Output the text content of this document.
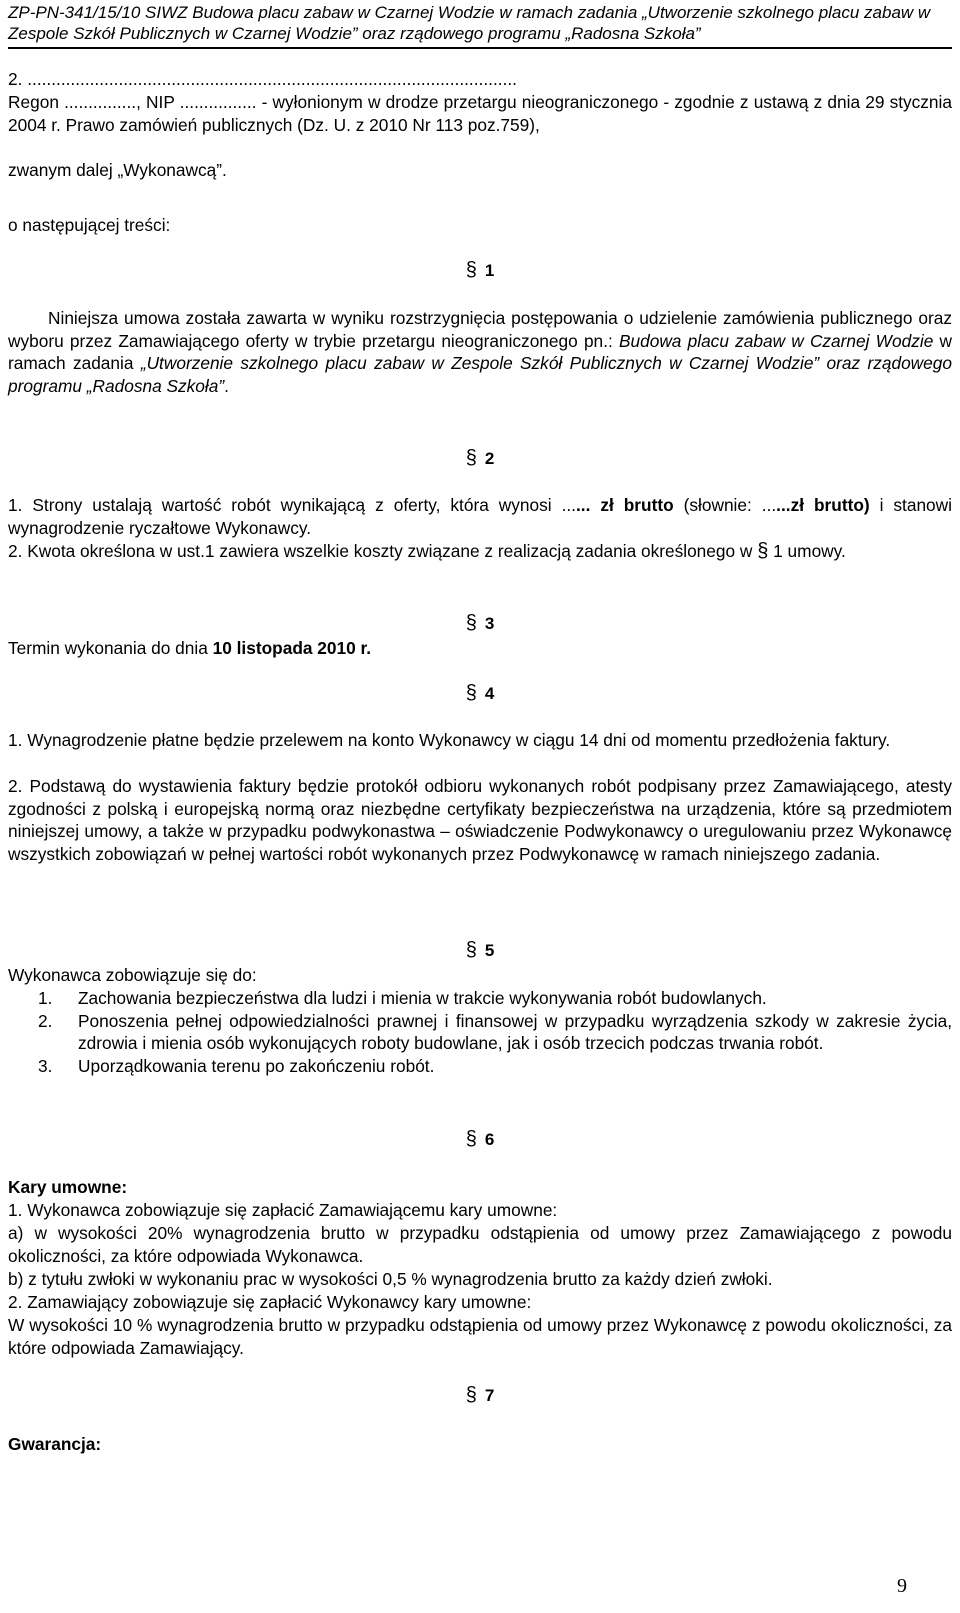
ZP-PN-341/15/10 SIWZ Budowa placu zabaw w Czarnej Wodzie w ramach zadania „Utworzenie szkolnego placu zabaw w
Zespole Szkół Publicznych w Czarnej Wodzie” oraz rządowego programu „Radosna Szkoła”
2. ......................................................................................................
Regon ..............., NIP ................ - wyłonionym w drodze przetargu nieograniczonego - zgodnie z ustawą z dnia 29 stycznia 2004 r. Prawo zamówień publicznych (Dz. U. z 2010 Nr 113 poz.759),
zwanym dalej „Wykonawcą”.
o następującej treści:
§ 1
Niniejsza umowa została zawarta w wyniku rozstrzygnięcia postępowania o udzielenie zamówienia publicznego oraz wyboru przez Zamawiającego oferty w trybie przetargu nieograniczonego pn.: Budowa placu zabaw w Czarnej Wodzie w ramach zadania „Utworzenie szkolnego placu zabaw w Zespole Szkół Publicznych w Czarnej Wodzie” oraz rządowego programu „Radosna Szkoła”.
§ 2
1. Strony ustalają wartość robót wynikającą z oferty, która wynosi ...... zł brutto (słownie: ......zł brutto) i stanowi wynagrodzenie ryczałtowe Wykonawcy.
2. Kwota określona w ust.1 zawiera wszelkie koszty związane z realizacją zadania określonego w § 1 umowy.
§ 3
Termin wykonania do dnia 10 listopada 2010 r.
§ 4
1. Wynagrodzenie płatne będzie przelewem na konto Wykonawcy w ciągu 14 dni od momentu przedłożenia faktury.
2. Podstawą do wystawienia faktury będzie protokół odbioru wykonanych robót podpisany przez Zamawiającego, atesty zgodności z polską i europejską normą oraz niezbędne certyfikaty bezpieczeństwa na urządzenia, które są przedmiotem niniejszej umowy, a także w przypadku podwykonastwa – oświadczenie Podwykonawcy o uregulowaniu przez Wykonawcę wszystkich zobowiązań w pełnej wartości robót wykonanych przez Podwykonawcę w ramach niniejszego zadania.
§ 5
Wykonawca zobowiązuje się do:
1.	Zachowania bezpieczeństwa dla ludzi i mienia w trakcie wykonywania robót budowlanych.
2.	Ponoszenia pełnej odpowiedzialności prawnej i finansowej w przypadku wyrządzenia szkody w zakresie życia, zdrowia i mienia osób wykonujących roboty budowlane, jak i osób trzecich podczas trwania robót.
3.	Uporządkowania terenu po zakończeniu robót.
§ 6
Kary umowne:
1. Wykonawca zobowiązuje się zapłacić Zamawiającemu kary umowne:
a) w wysokości 20% wynagrodzenia brutto w przypadku odstąpienia od umowy przez Zamawiającego z powodu okoliczności, za które odpowiada Wykonawca.
b) z tytułu zwłoki w wykonaniu prac w wysokości 0,5 % wynagrodzenia brutto za każdy dzień zwłoki.
2. Zamawiający zobowiązuje się zapłacić Wykonawcy kary umowne:
W wysokości 10 % wynagrodzenia brutto w przypadku odstąpienia od umowy przez Wykonawcę z powodu okoliczności, za które odpowiada Zamawiający.
§ 7
Gwarancja:
9
